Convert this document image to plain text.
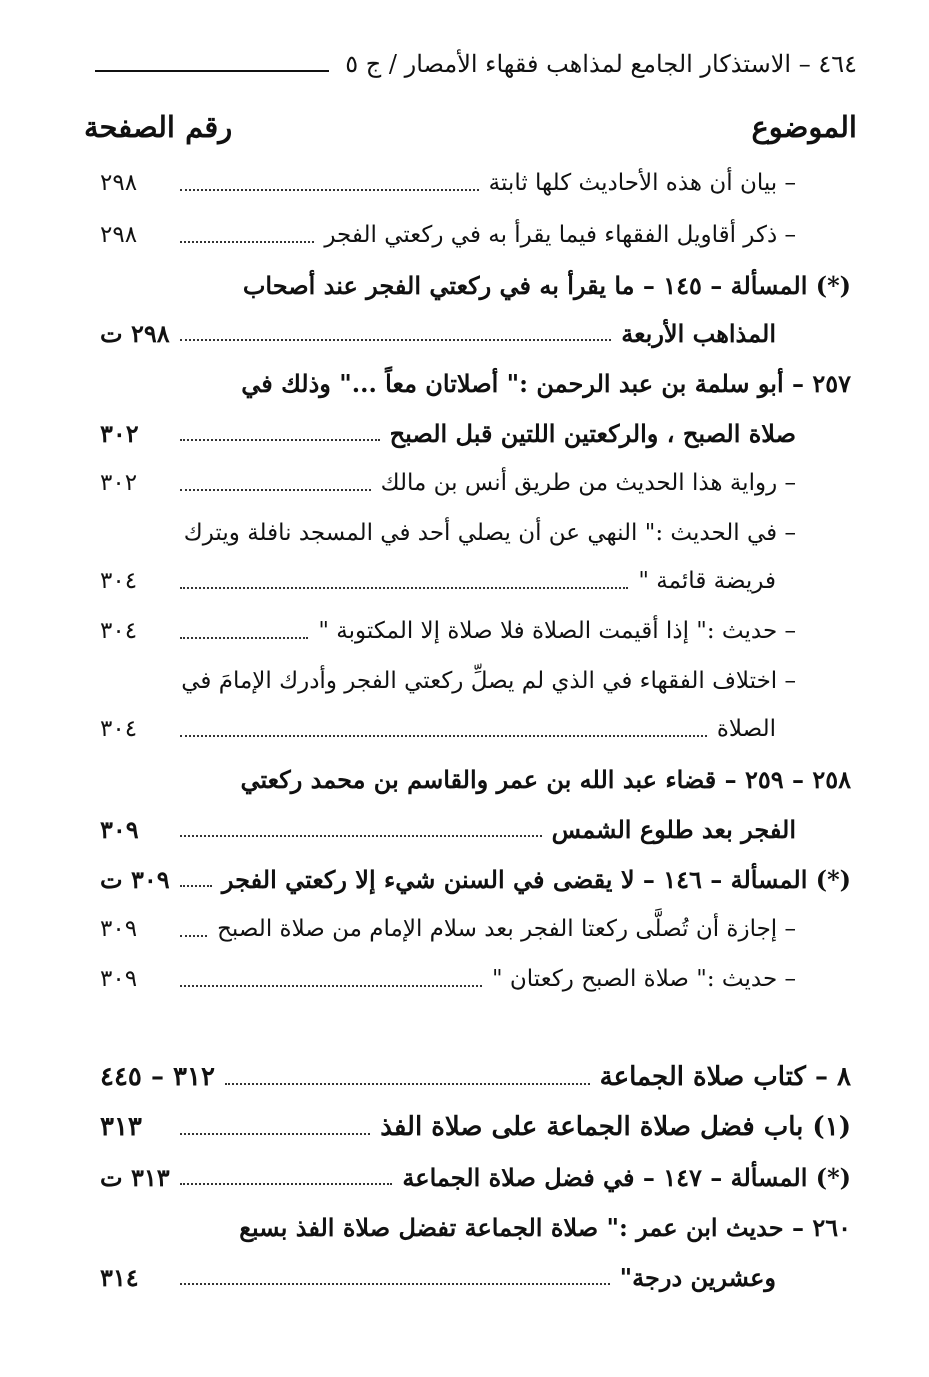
٤٦٤ – الاستذكار الجامع لمذاهب فقهاء الأمصار / ج ٥
رقم الصفحة	الموضوع
٢٩٨	– بيان أن هذه الأحاديث كلها ثابتة
٢٩٨	– ذكر أقاويل الفقهاء فيما يقرأ به في ركعتي الفجر
(*) المسألة – ١٤٥ – ما يقرأ به في ركعتي الفجر عند أصحاب
٢٩٨ ت	المذاهب الأربعة
٢٥٧ – أبو سلمة بن عبد الرحمن :" أصلاتان معاً ..." وذلك في
٣٠٢	صلاة الصبح ، والركعتين اللتين قبل الصبح
٣٠٢	– رواية هذا الحديث من طريق أنس بن مالك
– في الحديث :" النهي عن أن يصلي أحد في المسجد نافلة ويترك
٣٠٤	فريضة قائمة "
٣٠٤	– حديث :" إذا أقيمت الصلاة فلا صلاة إلا المكتوبة "
– اختلاف الفقهاء في الذي لم يصلِّ ركعتي الفجر وأدرك الإمامَ في
٣٠٤	الصلاة
٢٥٨ – ٢٥٩ – قضاء عبد الله بن عمر والقاسم بن محمد ركعتي
٣٠٩	الفجر بعد طلوع الشمس
٣٠٩ ت (*) المسألة – ١٤٦ – لا يقضى في السنن شيء إلا ركعتي الفجر
٣٠٩	– إجازة أن تُصلَّى ركعتا الفجر بعد سلام الإمام من صلاة الصبح
٣٠٩	– حديث :" صلاة الصبح ركعتان "
٣١٢ – ٤٤٥	٨ – كتاب صلاة الجماعة
٣١٣	(١) باب فضل صلاة الجماعة على صلاة الفذ
٣١٣ ت	(*) المسألة – ١٤٧ – في فضل صلاة الجماعة
٢٦٠ – حديث ابن عمر :" صلاة الجماعة تفضل صلاة الفذ بسبع
٣١٤	وعشرين درجة"
